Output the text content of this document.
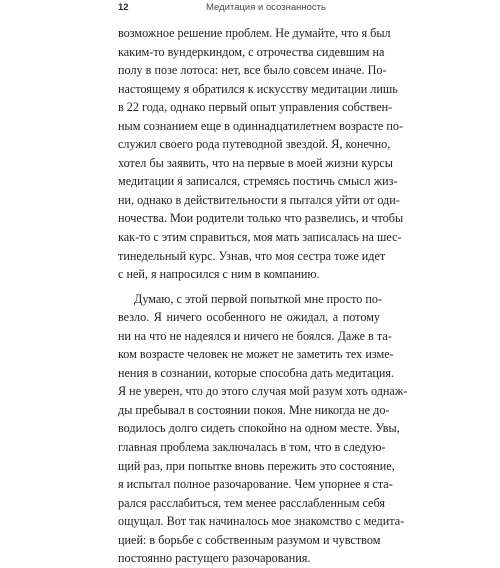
12	Медитация и осознанность

возможное решение проблем. Не думайте, что я был
каким-то вундеркиндом, с отрочества сидевшим на
полу в позе лотоса: нет, все было совсем иначе. По-
настоящему я обратился к искусству медитации лишь
в 22 года, однако первый опыт управления собствен-
ным сознанием еще в одиннадцатилетнем возрасте по-
служил своего рода путеводной звездой. Я, конечно,
хотел бы заявить, что на первые в моей жизни курсы
медитации я записался, стремясь постичь смысл жиз-
ни, однако в действительности я пытался уйти от оди-
ночества. Мои родители только что развелись, и чтобы
как-то с этим справиться, моя мать записалась на шес-
тинедельный курс. Узнав, что моя сестра тоже идет
с ней, я напросился с ним в компанию.

Думаю, с этой первой попыткой мне просто по-
везло. Я ничего особенного не ожидал, а потому
ни на что не надеялся и ничего не боялся. Даже в та-
ком возрасте человек не может не заметить тех изме-
нения в сознании, которые способна дать медитация.
Я не уверен, что до этого случая мой разум хоть однаж-
ды пребывал в состоянии покоя. Мне никогда не до-
водилось долго сидеть спокойно на одном месте. Увы,
главная проблема заключалась в том, что в следую-
щий раз, при попытке вновь пережить это состояние,
я испытал полное разочарование. Чем упорнее я ста-
рался расслабиться, тем менее расслабленным себя
ощущал. Вот так начиналось мое знакомство с медита-
цией: в борьбе с собственным разумом и чувством
постоянно растущего разочарования.
